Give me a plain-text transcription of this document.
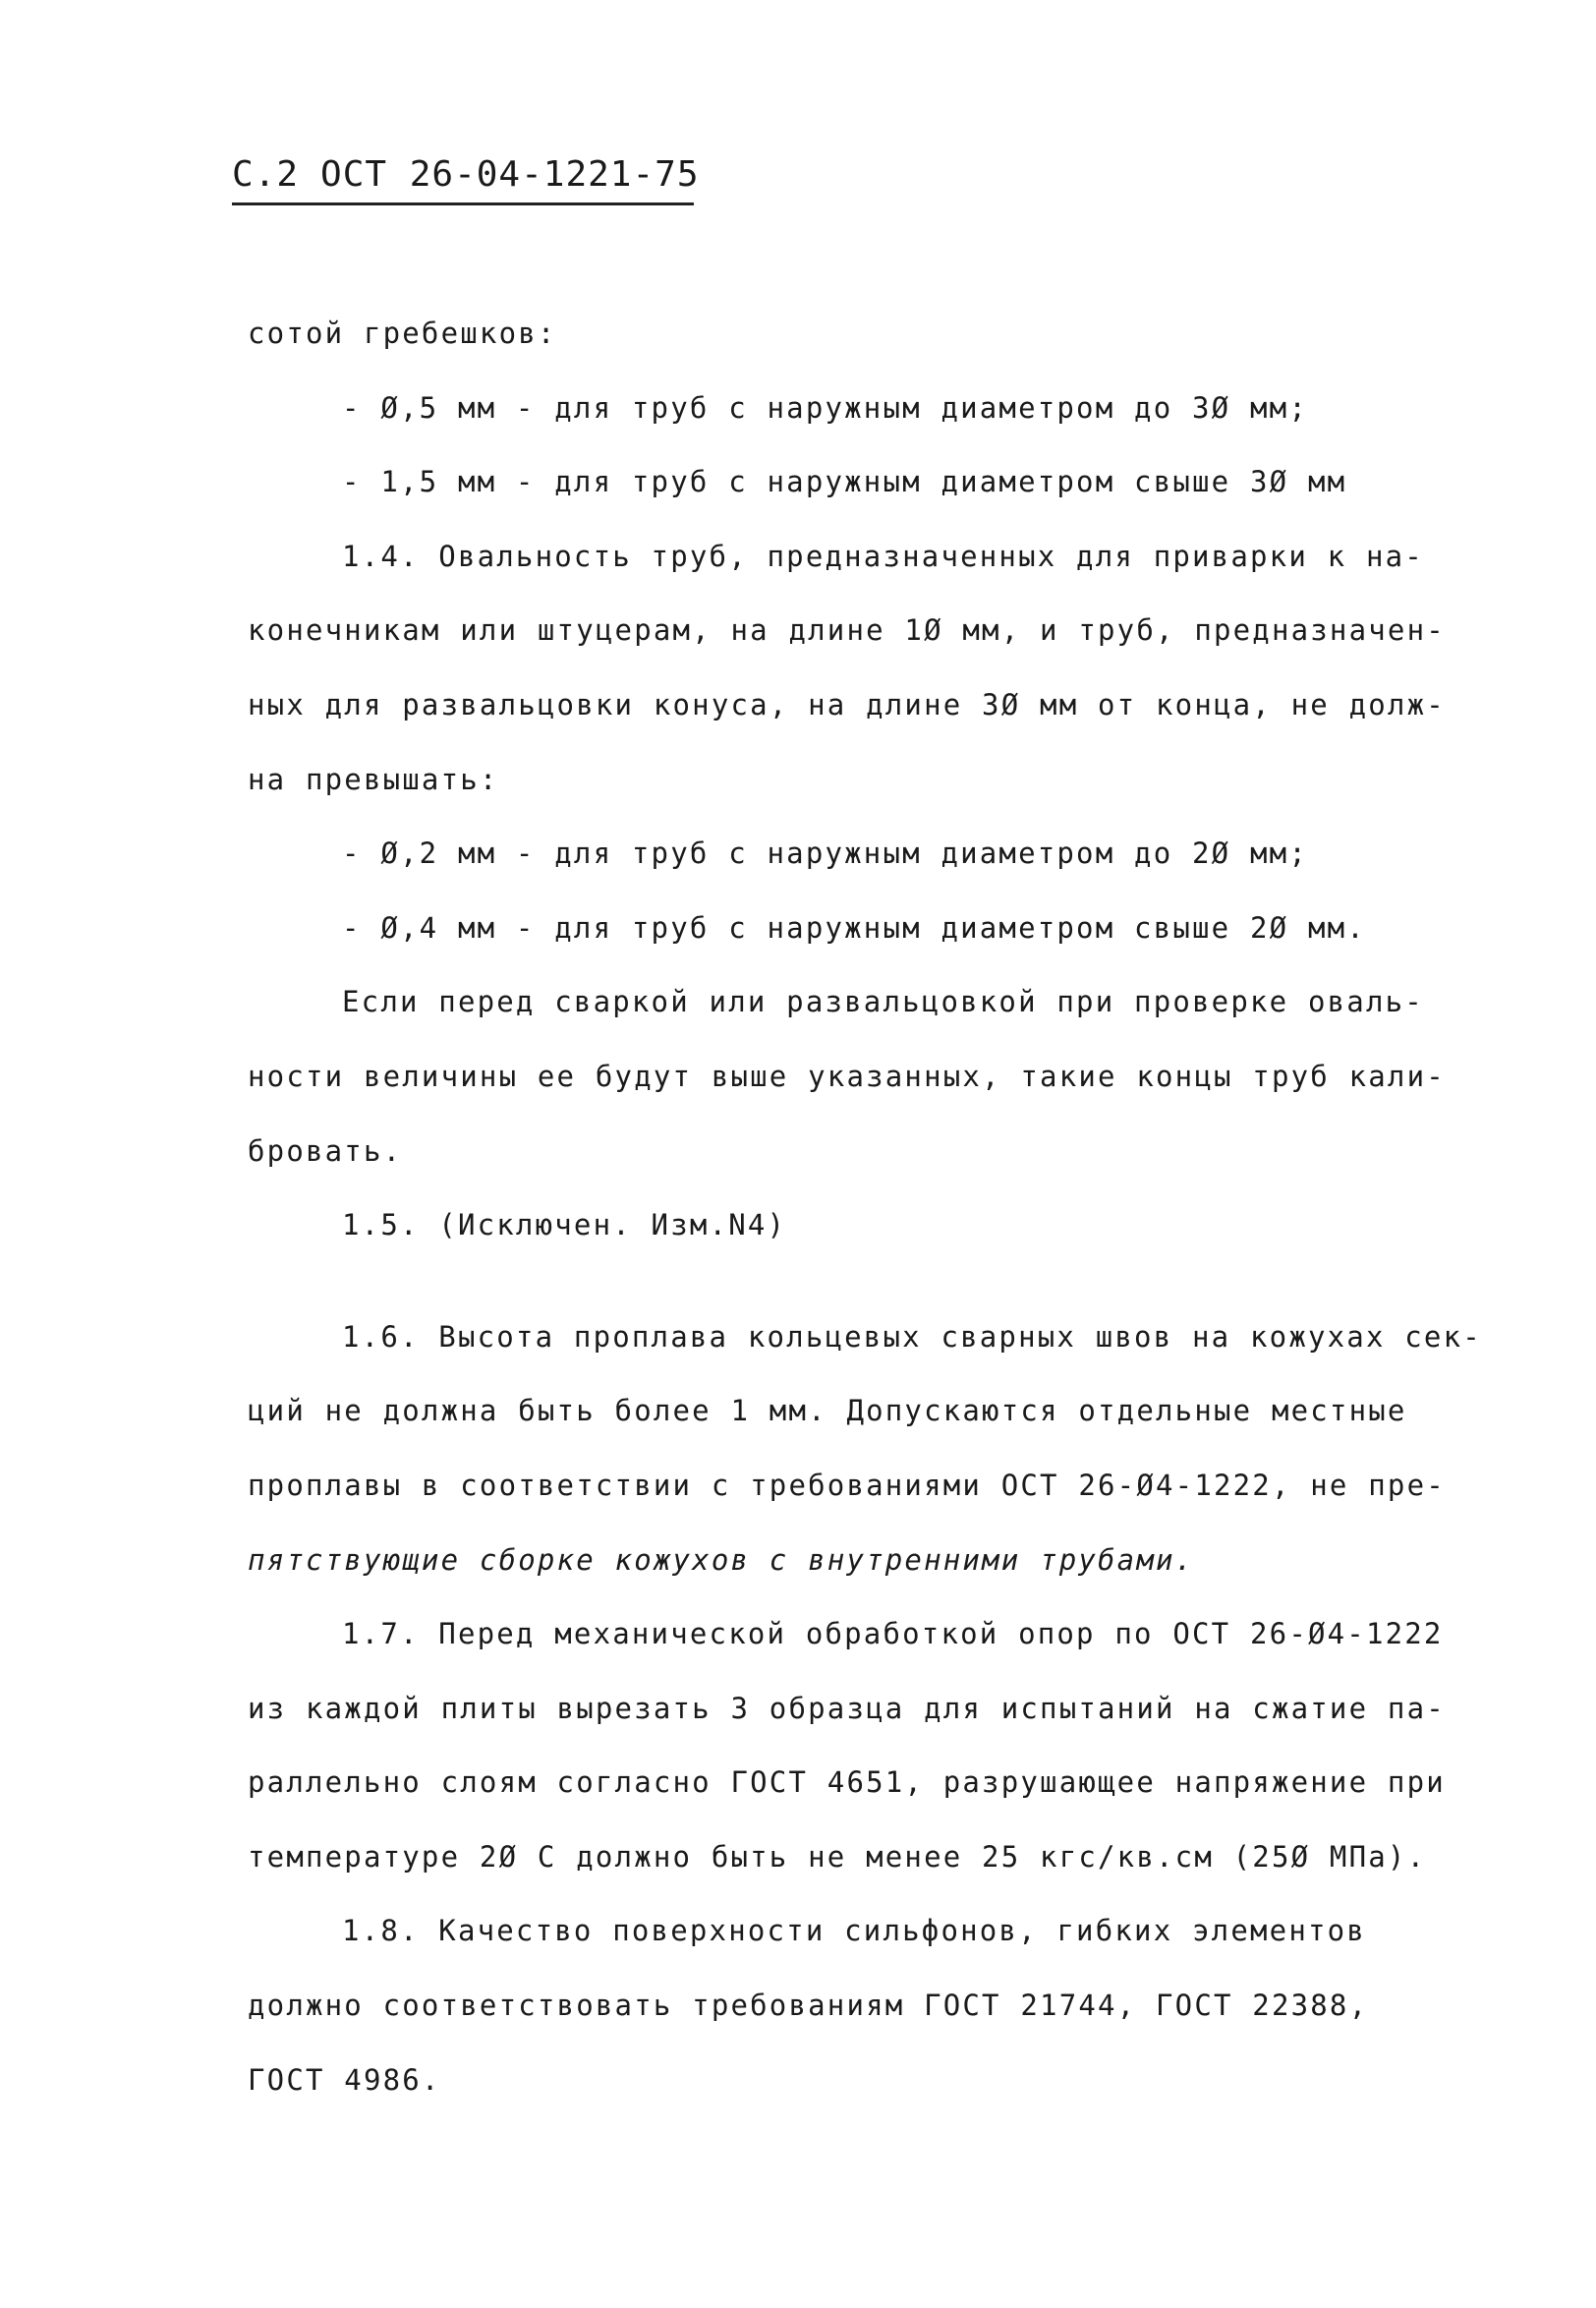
С.2 ОСТ 26-04-1221-75
сотой гребешков:
- Ø,5 мм - для труб с наружным диаметром до 3Ø мм;
- 1,5 мм - для труб с наружным диаметром свыше 3Ø мм
1.4. Овальность труб, предназначенных для приварки к на-
конечникам или штуцерам, на длине 1Ø мм, и труб, предназначен-
ных для развальцовки конуса, на длине 3Ø мм от конца, не долж-
на превышать:
- Ø,2 мм - для труб с наружным диаметром до 2Ø мм;
- Ø,4 мм - для труб с наружным диаметром свыше 2Ø мм.
Если перед сваркой или развальцовкой при проверке оваль-
ности величины ее будут выше указанных, такие концы труб кали-
бровать.
1.5. (Исключен. Изм.N4)
1.6. Высота проплава кольцевых сварных швов на кожухах сек-
ций не должна быть более 1 мм. Допускаются отдельные местные
проплавы в соответствии с требованиями ОСТ 26-Ø4-1222, не пре-
пятствующие сборке кожухов с внутренними трубами.
1.7. Перед механической обработкой опор по ОСТ 26-Ø4-1222
из каждой плиты вырезать 3 образца для испытаний на сжатие па-
раллельно слоям согласно ГОСТ 4651, разрушающее напряжение при
температуре 2Ø С должно быть не менее 25 кгс/кв.см (25Ø МПа).
1.8. Качество поверхности сильфонов, гибких элементов
должно соответствовать требованиям ГОСТ 21744, ГОСТ 22388,
ГОСТ 4986.
